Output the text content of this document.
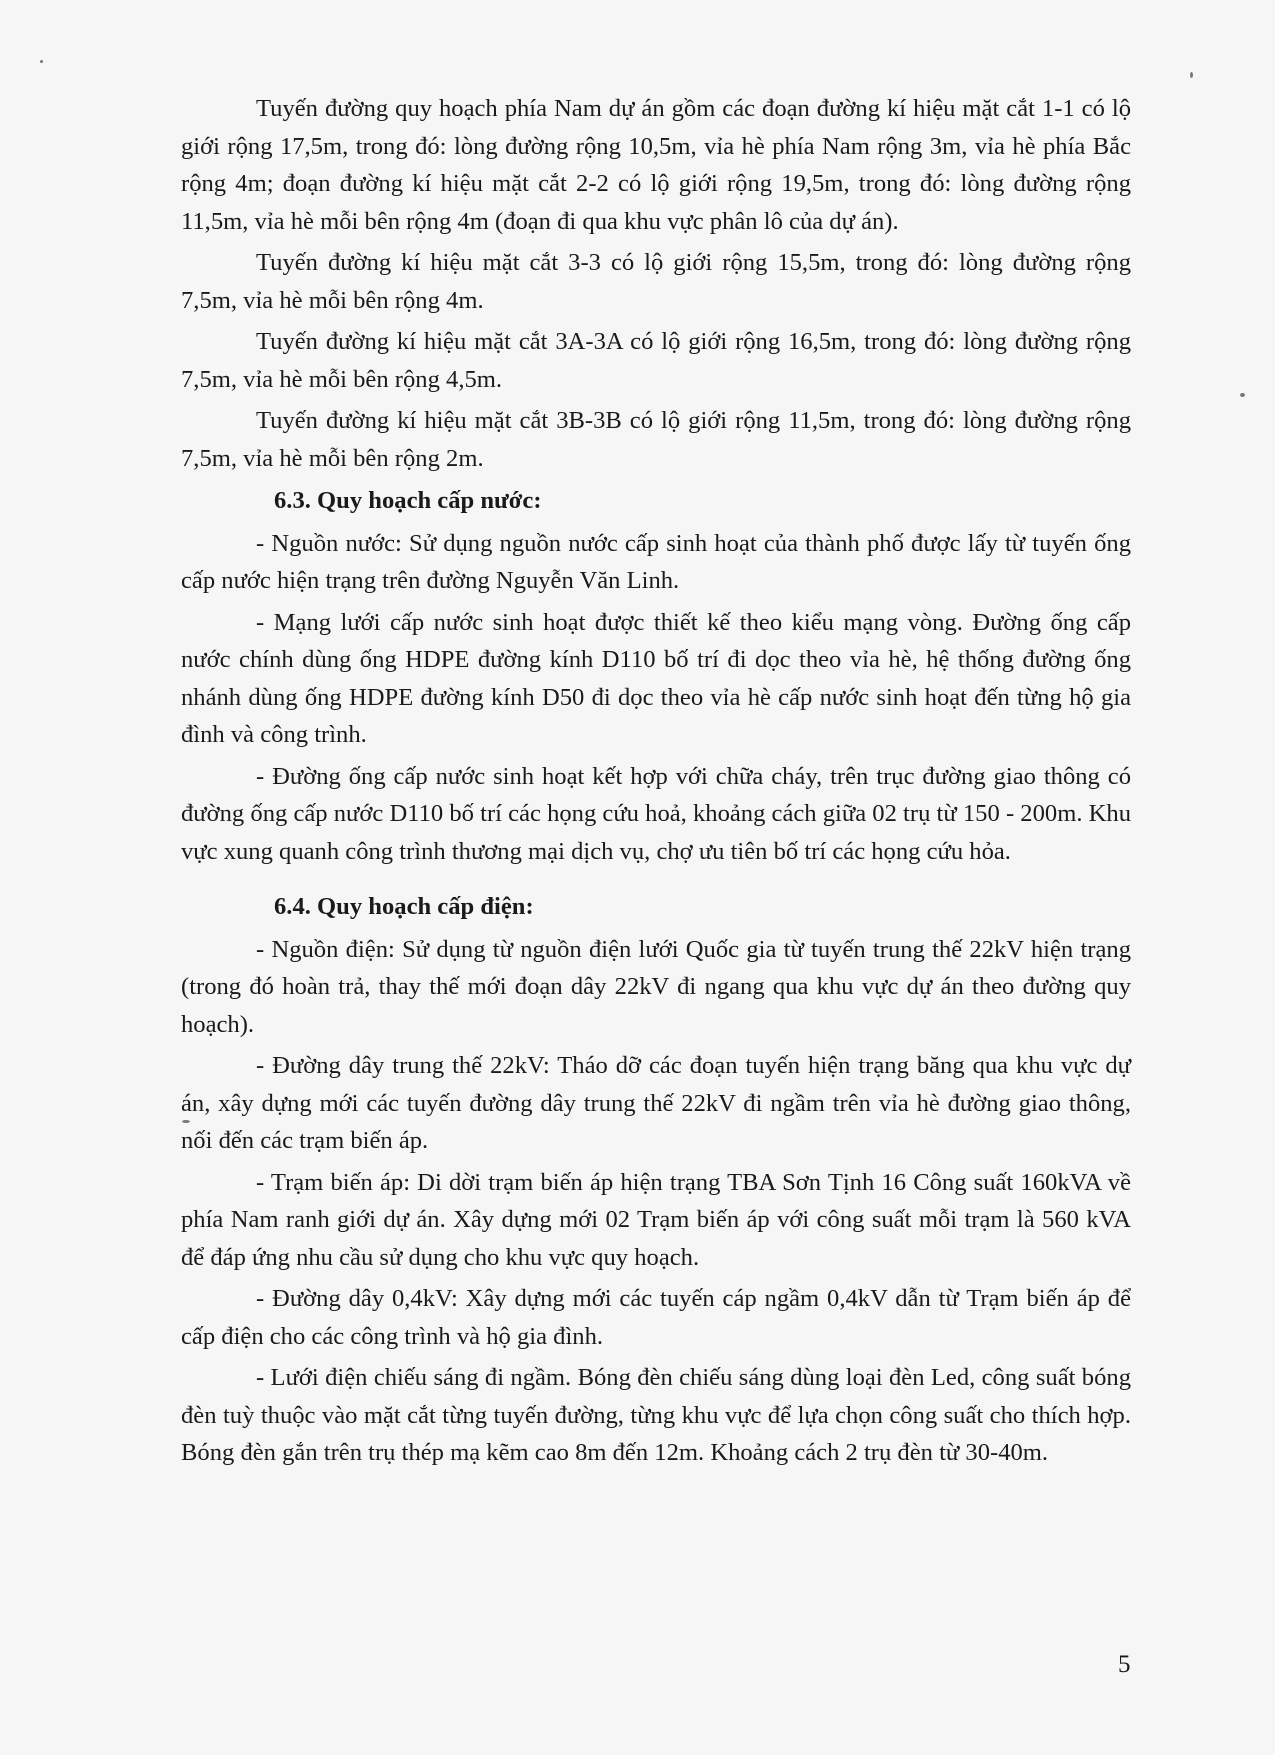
Tuyến đường quy hoạch phía Nam dự án gồm các đoạn đường kí hiệu mặt cắt 1-1 có lộ giới rộng 17,5m, trong đó: lòng đường rộng 10,5m, vỉa hè phía Nam rộng 3m, vỉa hè phía Bắc rộng 4m; đoạn đường kí hiệu mặt cắt 2-2 có lộ giới rộng 19,5m, trong đó: lòng đường rộng 11,5m, vỉa hè mỗi bên rộng 4m (đoạn đi qua khu vực phân lô của dự án).

Tuyến đường kí hiệu mặt cắt 3-3 có lộ giới rộng 15,5m, trong đó: lòng đường rộng 7,5m, vỉa hè mỗi bên rộng 4m.

Tuyến đường kí hiệu mặt cắt 3A-3A có lộ giới rộng 16,5m, trong đó: lòng đường rộng 7,5m, vỉa hè mỗi bên rộng 4,5m.

Tuyến đường kí hiệu mặt cắt 3B-3B có lộ giới rộng 11,5m, trong đó: lòng đường rộng 7,5m, vỉa hè mỗi bên rộng 2m.

6.3. Quy hoạch cấp nước:

- Nguồn nước: Sử dụng nguồn nước cấp sinh hoạt của thành phố được lấy từ tuyến ống cấp nước hiện trạng trên đường Nguyễn Văn Linh.

- Mạng lưới cấp nước sinh hoạt được thiết kế theo kiểu mạng vòng. Đường ống cấp nước chính dùng ống HDPE đường kính D110 bố trí đi dọc theo vỉa hè, hệ thống đường ống nhánh dùng ống HDPE đường kính D50 đi dọc theo vỉa hè cấp nước sinh hoạt đến từng hộ gia đình và công trình.

- Đường ống cấp nước sinh hoạt kết hợp với chữa cháy, trên trục đường giao thông có đường ống cấp nước D110 bố trí các họng cứu hoả, khoảng cách giữa 02 trụ từ 150 - 200m. Khu vực xung quanh công trình thương mại dịch vụ, chợ ưu tiên bố trí các họng cứu hỏa.

6.4. Quy hoạch cấp điện:

- Nguồn điện: Sử dụng từ nguồn điện lưới Quốc gia từ tuyến trung thế 22kV hiện trạng (trong đó hoàn trả, thay thế mới đoạn dây 22kV đi ngang qua khu vực dự án theo đường quy hoạch).

- Đường dây trung thế 22kV: Tháo dỡ các đoạn tuyến hiện trạng băng qua khu vực dự án, xây dựng mới các tuyến đường dây trung thế 22kV đi ngầm trên vỉa hè đường giao thông, nối đến các trạm biến áp.

- Trạm biến áp: Di dời trạm biến áp hiện trạng TBA Sơn Tịnh 16 Công suất 160kVA về phía Nam ranh giới dự án. Xây dựng mới 02 Trạm biến áp với công suất mỗi trạm là 560 kVA để đáp ứng nhu cầu sử dụng cho khu vực quy hoạch.

- Đường dây 0,4kV: Xây dựng mới các tuyến cáp ngầm 0,4kV dẫn từ Trạm biến áp để cấp điện cho các công trình và hộ gia đình.

- Lưới điện chiếu sáng đi ngầm. Bóng đèn chiếu sáng dùng loại đèn Led, công suất bóng đèn tuỳ thuộc vào mặt cắt từng tuyến đường, từng khu vực để lựa chọn công suất cho thích hợp. Bóng đèn gắn trên trụ thép mạ kẽm cao 8m đến 12m. Khoảng cách 2 trụ đèn từ 30-40m.

5
